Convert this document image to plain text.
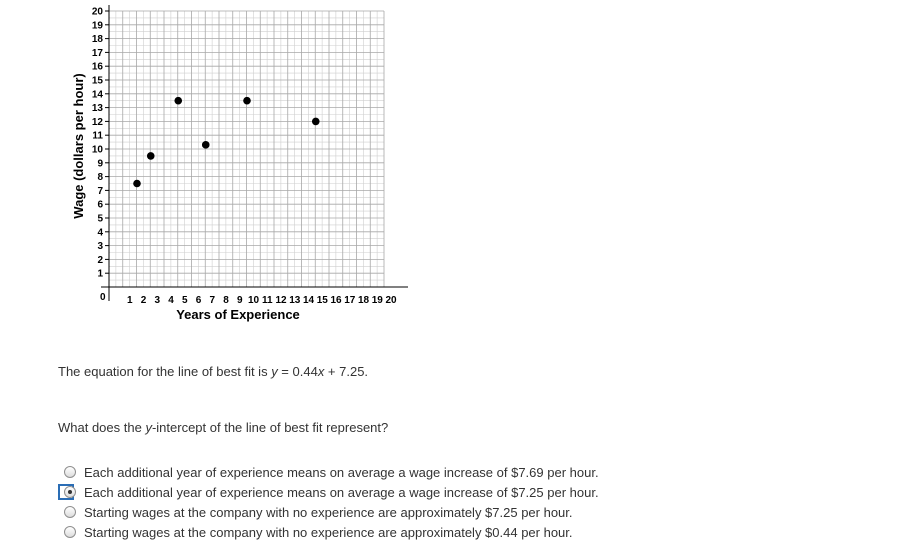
1
2
3
4
5
6
7
8
9
10
11
12
13
14
15
16
17
18
19
20
1 2 3 4 5 6 7 8 9 10 11 12 13 14 15 16 17 18 19 20
0
Years of Experience
Wage (dollars per hour)
The equation for the line of best fit is y = 0.44x + 7.25.
What does the y-intercept of the line of best fit represent?
Each additional year of experience means on average a wage increase of $7.69 per hour.
Each additional year of experience means on average a wage increase of $7.25 per hour.
Starting wages at the company with no experience are approximately $7.25 per hour.
Starting wages at the company with no experience are approximately $0.44 per hour.
